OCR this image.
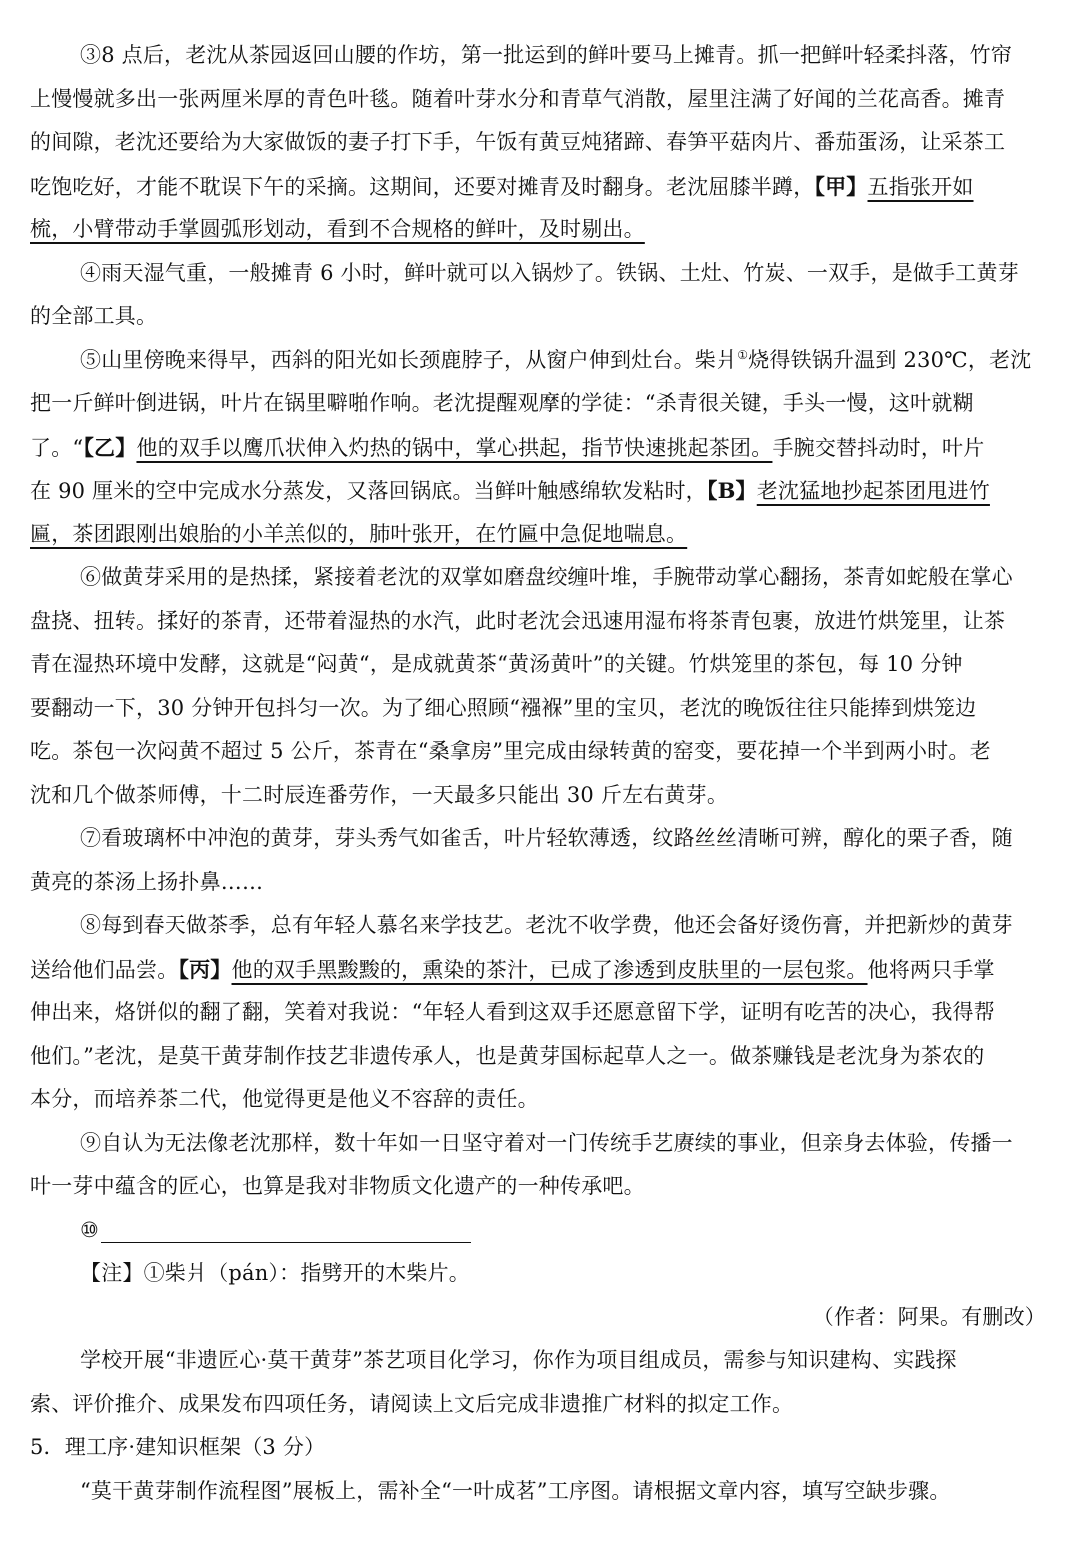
③8 点后，老沈从茶园返回山腰的作坊，第一批运到的鲜叶要马上摊青。抓一把鲜叶轻柔抖落，竹帘
上慢慢就多出一张两厘米厚的青色叶毯。随着叶芽水分和青草气消散，屋里注满了好闻的兰花高香。摊青
的间隙，老沈还要给为大家做饭的妻子打下手，午饭有黄豆炖猪蹄、春笋平菇肉片、番茄蛋汤，让采茶工
吃饱吃好，才能不耽误下午的采摘。这期间，还要对摊青及时翻身。老沈屈膝半蹲，【甲】五指张开如
梳，小臂带动手掌圆弧形划动，看到不合规格的鲜叶，及时剔出。
④雨天湿气重，一般摊青 6 小时，鲜叶就可以入锅炒了。铁锅、土灶、竹炭、一双手，是做手工黄芽
的全部工具。
⑤山里傍晚来得早，西斜的阳光如长颈鹿脖子，从窗户伸到灶台。柴爿①烧得铁锅升温到 230℃，老沈
把一斤鲜叶倒进锅，叶片在锅里噼啪作响。老沈提醒观摩的学徒：“杀青很关键，手头一慢，这叶就糊
了。“【乙】他的双手以鹰爪状伸入灼热的锅中，掌心拱起，指节快速挑起茶团。手腕交替抖动时，叶片
在 90 厘米的空中完成水分蒸发，又落回锅底。当鲜叶触感绵软发粘时，【B】老沈猛地抄起茶团甩进竹
匾，茶团跟刚出娘胎的小羊羔似的，肺叶张开，在竹匾中急促地喘息。
⑥做黄芽采用的是热揉，紧接着老沈的双掌如磨盘绞缠叶堆，手腕带动掌心翻扬，茶青如蛇般在掌心
盘挠、扭转。揉好的茶青，还带着湿热的水汽，此时老沈会迅速用湿布将茶青包裹，放进竹烘笼里，让茶
青在湿热环境中发酵，这就是“闷黄“，是成就黄茶“黄汤黄叶”的关键。竹烘笼里的茶包，每 10 分钟
要翻动一下，30 分钟开包抖匀一次。为了细心照顾“襁褓”里的宝贝，老沈的晚饭往往只能捧到烘笼边
吃。茶包一次闷黄不超过 5 公斤，茶青在“桑拿房”里完成由绿转黄的窑变，要花掉一个半到两小时。老
沈和几个做茶师傅，十二时辰连番劳作，一天最多只能出 30 斤左右黄芽。
⑦看玻璃杯中冲泡的黄芽，芽头秀气如雀舌，叶片轻软薄透，纹路丝丝清晰可辨，醇化的栗子香，随
黄亮的茶汤上扬扑鼻……
⑧每到春天做茶季，总有年轻人慕名来学技艺。老沈不收学费，他还会备好烫伤膏，并把新炒的黄芽
送给他们品尝。【丙】他的双手黑黢黢的，熏染的茶汁，已成了渗透到皮肤里的一层包浆。他将两只手掌
伸出来，烙饼似的翻了翻，笑着对我说：“年轻人看到这双手还愿意留下学，证明有吃苦的决心，我得帮
他们。”老沈，是莫干黄芽制作技艺非遗传承人，也是黄芽国标起草人之一。做茶赚钱是老沈身为茶农的
本分，而培养茶二代，他觉得更是他义不容辞的责任。
⑨自认为无法像老沈那样，数十年如一日坚守着对一门传统手艺赓续的事业，但亲身去体验，传播一
叶一芽中蕴含的匠心，也算是我对非物质文化遗产的一种传承吧。
⑩
【注】①柴爿（pán）：指劈开的木柴片。
（作者：阿果。有删改）
学校开展“非遗匠心·莫干黄芽”茶艺项目化学习，你作为项目组成员，需参与知识建构、实践探
索、评价推介、成果发布四项任务，请阅读上文后完成非遗推广材料的拟定工作。
5．理工序·建知识框架（3 分）
“莫干黄芽制作流程图”展板上，需补全“一叶成茗”工序图。请根据文章内容，填写空缺步骤。
